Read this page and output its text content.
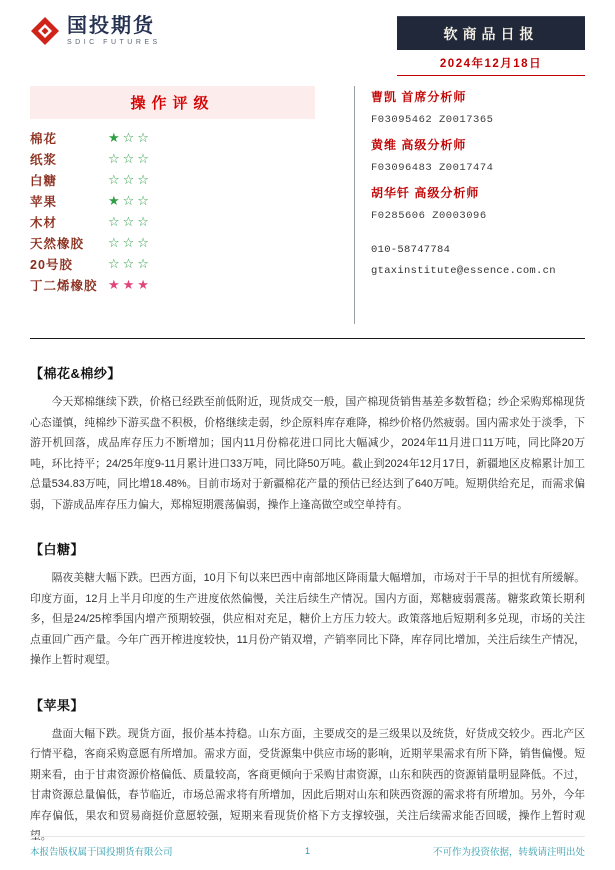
国投期货
SDIC FUTURES	软商品日报
2024年12月18日
操作评级
棉花	★☆☆
纸浆	☆☆☆
白糖	☆☆☆
苹果	★☆☆
木材	☆☆☆
天然橡胶	☆☆☆
20号胶	☆☆☆
丁二烯橡胶 ★★★
曹凯 首席分析师
F03095462 Z0017365
黄维 高级分析师
F03096483 Z0017474
胡华钎 高级分析师
F0285606 Z0003096
010-58747784
gtaxinstitute@essence.com.cn
【棉花&棉纱】

今天郑棉继续下跌，价格已经跌至前低附近，现货成交一般，国产棉现货销售基差多数暂稳；纱企采购郑棉现货心态谨慎，纯棉纱下游买盘不积极，价格继续走弱，纱企原料库存难降，棉纱价格仍然疲弱。国内需求处于淡季，下游开机回落，成品库存压力不断增加；国内11月份棉花进口同比大幅减少，2024年11月进口11万吨，同比降20万吨，环比持平；24/25年度9-11月累计进口33万吨，同比降50万吨。截止到2024年12月17日，新疆地区皮棉累计加工总量534.83万吨，同比增18.48%。目前市场对于新疆棉花产量的预估已经达到了640万吨。短期供给充足，而需求偏弱，下游成品库存压力偏大，郑棉短期震荡偏弱，操作上逢高做空或空单持有。

【白糖】

隔夜美糖大幅下跌。巴西方面，10月下旬以来巴西中南部地区降雨量大幅增加，市场对于干旱的担忧有所缓解。印度方面，12月上半月印度的生产进度依然偏慢，关注后续生产情况。国内方面，郑糖疲弱震荡。糖浆政策长期利多，但是24/25榨季国内增产预期较强，供应相对充足，糖价上方压力较大。政策落地后短期利多兑现，市场的关注点重回广西产量。今年广西开榨进度较快，11月份产销双增，产销率同比下降，库存同比增加，关注后续生产情况，操作上暂时观望。

【苹果】

盘面大幅下跌。现货方面，报价基本持稳。山东方面，主要成交的是三级果以及统货，好货成交较少。西北产区行情平稳，客商采购意愿有所增加。需求方面，受货源集中供应市场的影响，近期苹果需求有所下降，销售偏慢。短期来看，由于甘肃资源价格偏低、质量较高，客商更倾向于采购甘肃资源，山东和陕西的资源销量明显降低。不过，甘肃资源总量偏低，春节临近，市场总需求将有所增加，因此后期对山东和陕西资源的需求将有所增加。另外，今年库存偏低，果农和贸易商挺价意愿较强，短期来看现货价格下方支撑较强，关注后续需求能否回暖，操作上暂时观望。

本报告版权属于国投期货有限公司	1	不可作为投资依据，转载请注明出处
